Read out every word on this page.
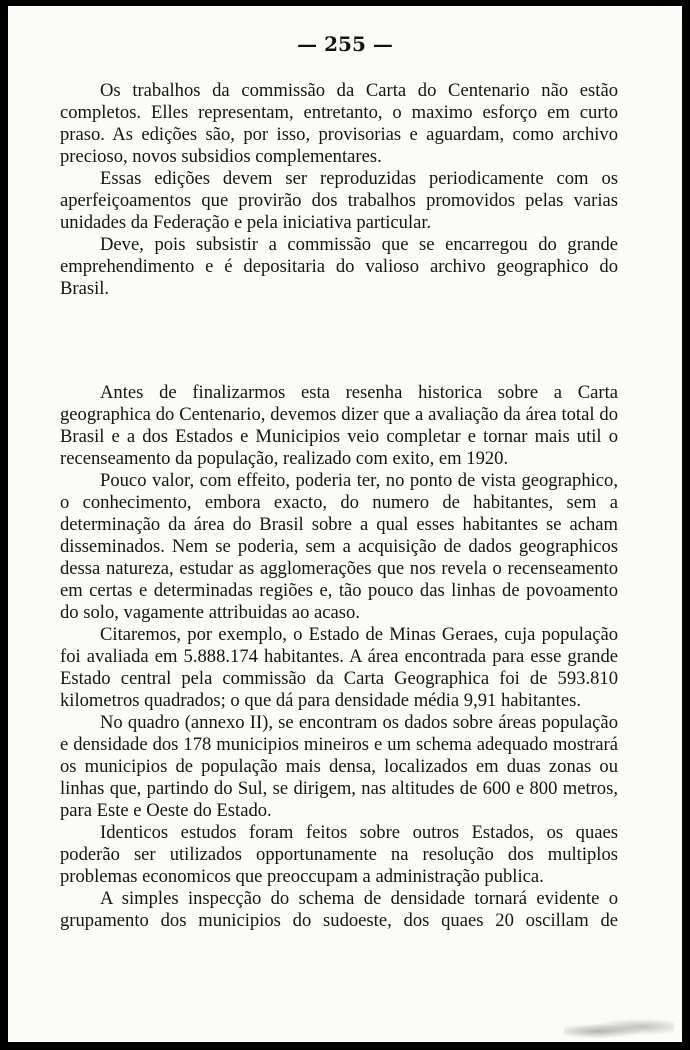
— 255 —

Os trabalhos da commissão da Carta do Centenario não estão completos. Elles representam, entretanto, o maximo esforço em curto praso. As edições são, por isso, provisorias e aguardam, como archivo precioso, novos subsidios complementares.

Essas edições devem ser reproduzidas periodicamente com os aperfeiçoamentos que provirão dos trabalhos promovidos pelas varias unidades da Federação e pela iniciativa particular.

Deve, pois subsistir a commissão que se encarregou do grande emprehendimento e é depositaria do valioso archivo geographico do Brasil.

Antes de finalizarmos esta resenha historica sobre a Carta geographica do Centenario, devemos dizer que a avaliação da área total do Brasil e a dos Estados e Municipios veio completar e tornar mais util o recenseamento da população, realizado com exito, em 1920.

Pouco valor, com effeito, poderia ter, no ponto de vista geographico, o conhecimento, embora exacto, do numero de habitantes, sem a determinação da área do Brasil sobre a qual esses habitantes se acham disseminados. Nem se poderia, sem a acquisição de dados geographicos dessa natureza, estudar as agglomerações que nos revela o recenseamento em certas e determinadas regiões e, tão pouco das linhas de povoamento do solo, vagamente attribuidas ao acaso.

Citaremos, por exemplo, o Estado de Minas Geraes, cuja população foi avaliada em 5.888.174 habitantes. A área encontrada para esse grande Estado central pela commissão da Carta Geographica foi de 593.810 kilometros quadrados; o que dá para densidade média 9,91 habitantes.

No quadro (annexo II), se encontram os dados sobre áreas população e densidade dos 178 municipios mineiros e um schema adequado mostrará os municipios de população mais densa, localizados em duas zonas ou linhas que, partindo do Sul, se dirigem, nas altitudes de 600 e 800 metros, para Este e Oeste do Estado.

Identicos estudos foram feitos sobre outros Estados, os quaes poderão ser utilizados opportunamente na resolução dos multiplos problemas economicos que preoccupam a administração publica.

A simples inspecção do schema de densidade tornará evidente o grupamento dos municipios do sudoeste, dos quaes 20 oscillam de
